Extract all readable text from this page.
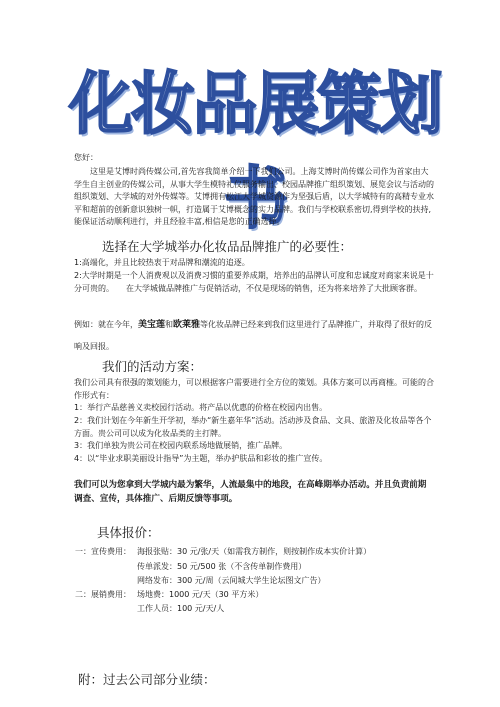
化妆品展策划书

您好：

这里是艾博时尚传媒公司,首先容我简单介绍一下我们公司。上海艾博时尚传媒公司作为首家由大学生自主创业的传媒公司，从事大学生模特礼仪服务输出、校园品牌推广组织策划、展览会议与活动的组织策划、大学城的对外传媒等。艾博拥有松江大学城资源作为坚强后盾，以大学城特有的高精专业水平和超前的创新意识独树一帜，打造属于艾博概念的实力品牌。我们与学校联系密切,得到学校的扶持,能保证活动顺利进行，并且经验丰富,相信是您的正确选择。

选择在大学城举办化妆品品牌推广的必要性：

1:高端化，并且比较热衷于对品牌和潮流的追逐。

2:大学时期是一个人消费观以及消费习惯的重要养成期，培养出的品牌认可度和忠诚度对商家来说是十分可贵的。　　在大学城做品牌推广与促销活动，不仅是现场的销售，还为将来培养了大批顾客群。

例如：就在今年，美宝莲和欧莱雅等化妆品牌已经来到我们这里进行了品牌推广，并取得了很好的反响及回报。

我们的活动方案：

我们公司具有很强的策划能力，可以根据客户需要进行全方位的策划。具体方案可以再商榷。可能的合作形式有：

1：举行产品慈善义卖校园行活动。将产品以优惠的价格在校园内出售。

2：我们计划在今年新生开学初，举办“新生嘉年华”活动。活动涉及食品、文具、旅游及化妆品等各个方面。贵公司可以成为化妆品类的主打牌。

3：我们单独为贵公司在校园内联系场地做展销，推广品牌。

4：以“毕业求职美丽设计指导”为主题，举办护肤品和彩妆的推广宣传。

我们可以为您拿到大学城内最为繁华，人流最集中的地段，在高峰期举办活动。并且负责前期调查、宣传，具体推广、后期反馈等事项。

具体报价：

一：宣传费用： 海报张贴：30 元/张/天（如需我方制作，则按制作成本实价计算）
传单派发：50 元/500 张（不含传单制作费用）
网络发布：300 元/周（云间城大学生论坛图文广告）
二：展销费用： 场地费：1000 元/天（30 平方米）
工作人员：100 元/天/人

附：过去公司部分业绩：
